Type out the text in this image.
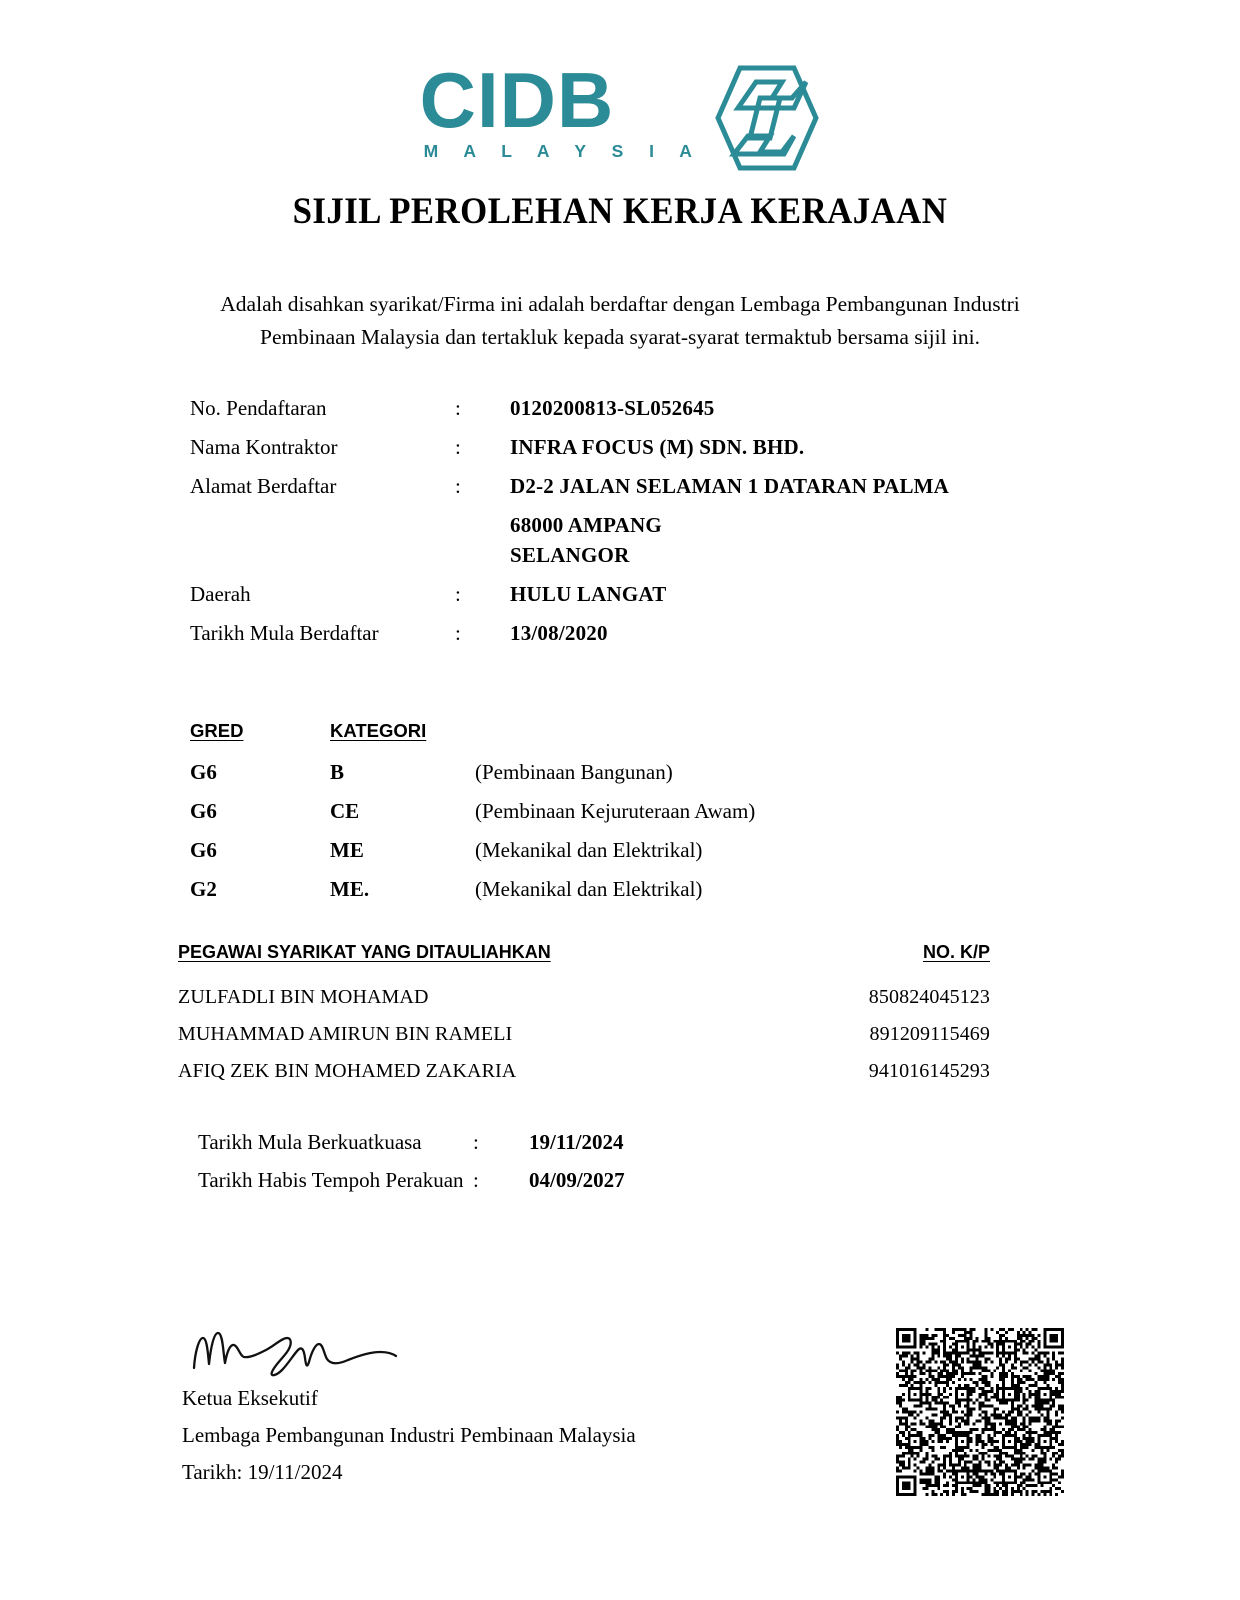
CIDB
M A L A Y S I A
SIJIL PEROLEHAN KERJA KERAJAAN
Adalah disahkan syarikat/Firma ini adalah berdaftar dengan Lembaga Pembangunan Industri Pembinaan Malaysia dan tertakluk kepada syarat-syarat termaktub bersama sijil ini.
No. Pendaftaran	:	0120200813-SL052645
Nama Kontraktor	:	INFRA FOCUS (M) SDN. BHD.
Alamat Berdaftar	:	D2-2 JALAN SELAMAN 1 DATARAN PALMA
68000 AMPANG
SELANGOR
Daerah	:	HULU LANGAT
Tarikh Mula Berdaftar	:	13/08/2020
GRED	KATEGORI
G6	B	(Pembinaan Bangunan)
G6	CE	(Pembinaan Kejuruteraan Awam)
G6	ME	(Mekanikal dan Elektrikal)
G2	ME.	(Mekanikal dan Elektrikal)
PEGAWAI SYARIKAT YANG DITAULIAHKAN	NO. K/P
ZULFADLI BIN MOHAMAD	850824045123
MUHAMMAD AMIRUN BIN RAMELI	891209115469
AFIQ ZEK BIN MOHAMED ZAKARIA	941016145293
Tarikh Mula Berkuatkuasa	:	19/11/2024
Tarikh Habis Tempoh Perakuan :	04/09/2027
Ketua Eksekutif
Lembaga Pembangunan Industri Pembinaan Malaysia
Tarikh: 19/11/2024
